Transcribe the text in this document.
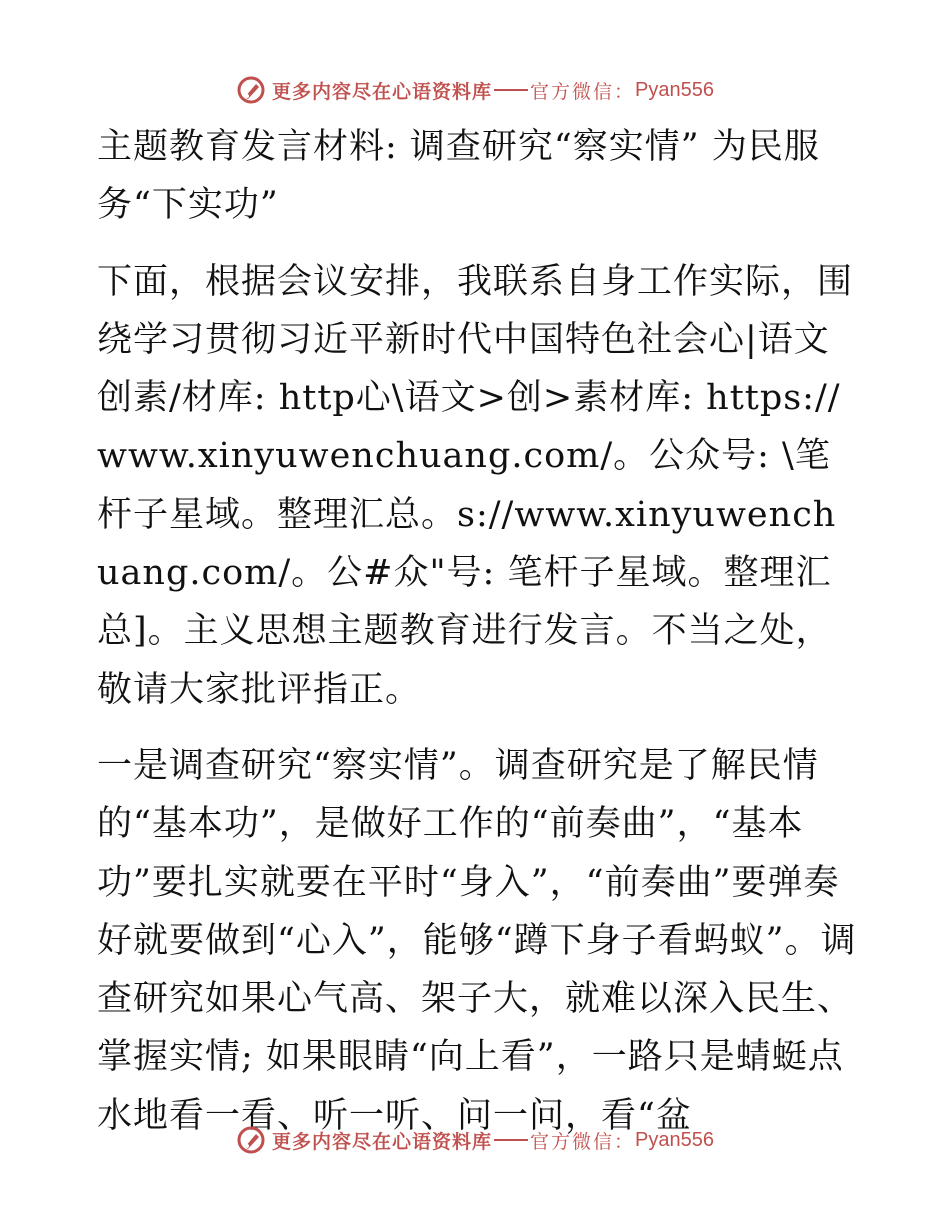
更多内容尽在心语资料库 官方微信： Pyan556

主题教育发言材料: 调查研究“察实情” 为民服务“下实功”

下面，根据会议安排，我联系自身工作实际，围绕学习贯彻习近平新时代中国特色社会心|语文创素/材库: http心\语文>创>素材库: https://www.xinyuwenchuang.com/。公众号: \笔杆子星域。整理汇总。s://www.xinyuwenchuang.com/。公#众"号: 笔杆子星域。整理汇总]。主义思想主题教育进行发言。不当之处，敬请大家批评指正。

一是调查研究“察实情”。调查研究是了解民情的“基本功”，是做好工作的“前奏曲”，“基本功”要扎实就要在平时“身入”，“前奏曲”要弹奏好就要做到“心入”，能够“蹲下身子看蚂蚁”。调查研究如果心气高、架子大，就难以深入民生、掌握实情; 如果眼睛“向上看”，一路只是蜻蜓点水地看一看、听一听、问一问，看“盆

更多内容尽在心语资料库 官方微信： Pyan556
